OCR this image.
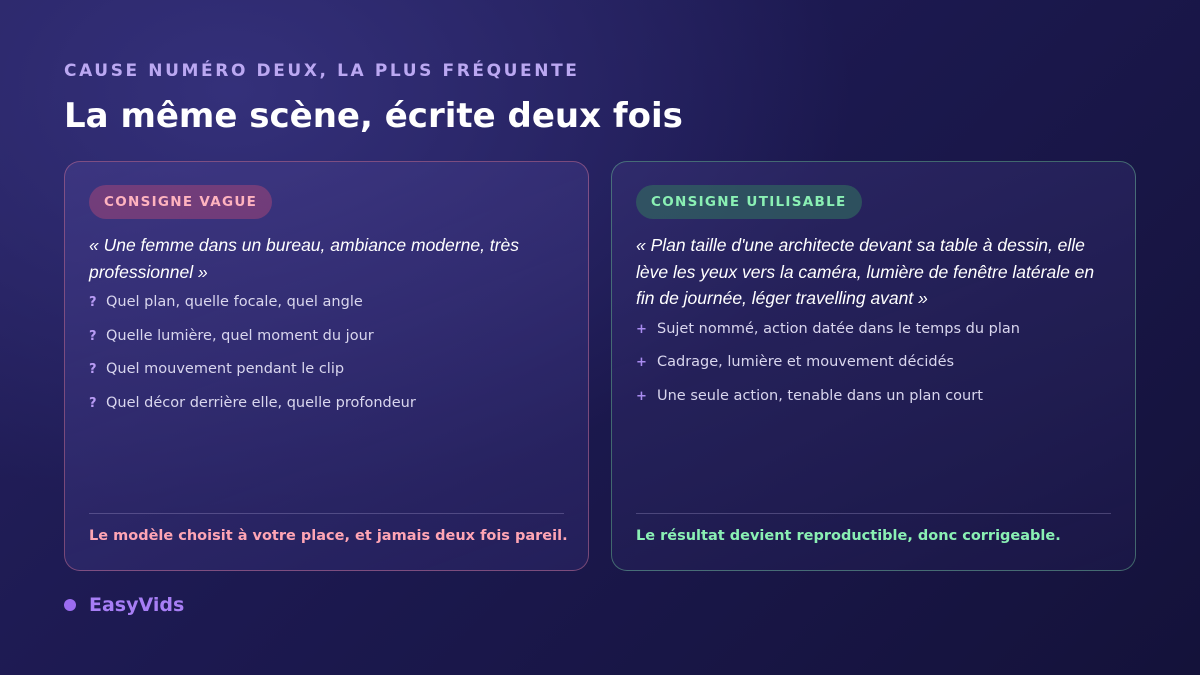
CAUSE NUMÉRO DEUX, LA PLUS FRÉQUENTE
La même scène, écrite deux fois
CONSIGNE VAGUE

« Une femme dans un bureau, ambiance moderne, très professionnel »

? Quel plan, quelle focale, quel angle
? Quelle lumière, quel moment du jour
? Quel mouvement pendant le clip
? Quel décor derrière elle, quelle profondeur
Le modèle choisit à votre place, et jamais deux fois pareil.
CONSIGNE UTILISABLE

« Plan taille d'une architecte devant sa table à dessin, elle lève les yeux vers la caméra, lumière de fenêtre latérale en fin de journée, léger travelling avant »

+ Sujet nommé, action datée dans le temps du plan
+ Cadrage, lumière et mouvement décidés
+ Une seule action, tenable dans un plan court
Le résultat devient reproductible, donc corrigeable.
EasyVids
